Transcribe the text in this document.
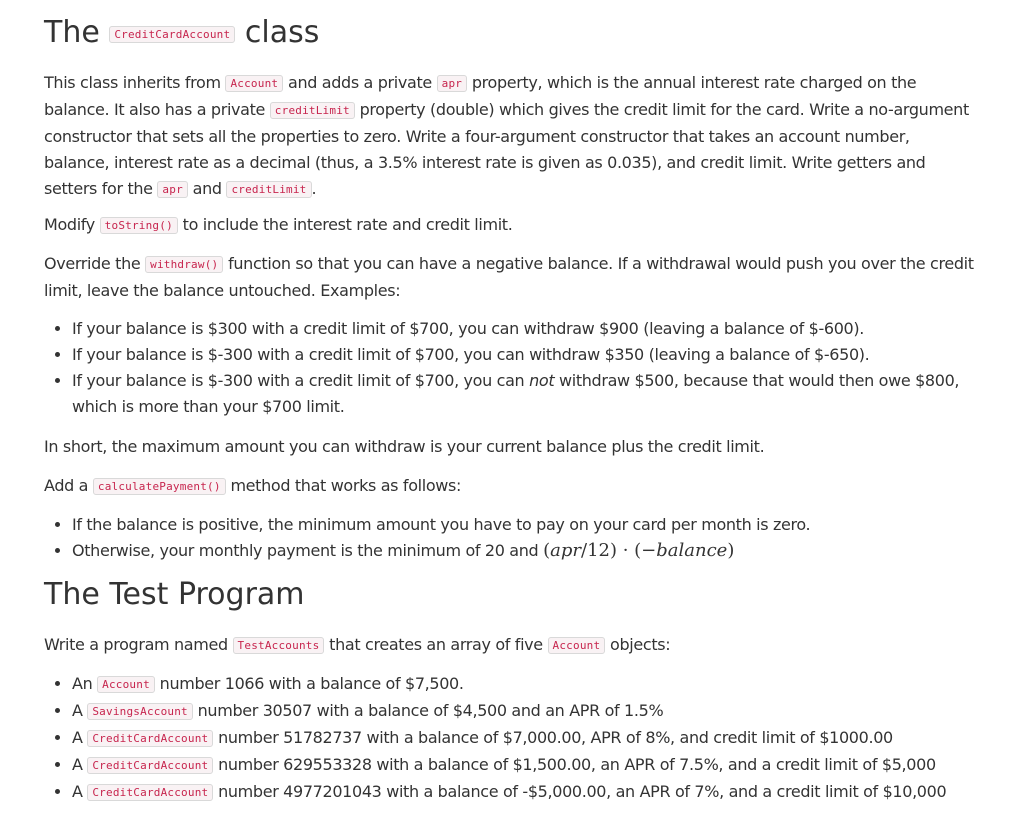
The CreditCardAccount class

This class inherits from Account and adds a private apr property, which is the annual interest rate charged on the balance. It also has a private creditLimit property (double) which gives the credit limit for the card. Write a no-argument constructor that sets all the properties to zero. Write a four-argument constructor that takes an account number, balance, interest rate as a decimal (thus, a 3.5% interest rate is given as 0.035), and credit limit. Write getters and setters for the apr and creditLimit .

Modify toString() to include the interest rate and credit limit.

Override the withdraw() function so that you can have a negative balance. If a withdrawal would push you over the credit limit, leave the balance untouched. Examples:

• If your balance is $300 with a credit limit of $700, you can withdraw $900 (leaving a balance of $-600).
• If your balance is $-300 with a credit limit of $700, you can withdraw $350 (leaving a balance of $-650).
• If your balance is $-300 with a credit limit of $700, you can not withdraw $500, because that would then owe $800, which is more than your $700 limit.

In short, the maximum amount you can withdraw is your current balance plus the credit limit.

Add a calculatePayment() method that works as follows:

• If the balance is positive, the minimum amount you have to pay on your card per month is zero.
• Otherwise, your monthly payment is the minimum of 20 and (apr/12) · (−balance)
The Test Program

Write a program named TestAccounts that creates an array of five Account objects:

• An Account number 1066 with a balance of $7,500.
• A SavingsAccount number 30507 with a balance of $4,500 and an APR of 1.5%
• A CreditCardAccount number 51782737 with a balance of $7,000.00, APR of 8%, and credit limit of $1000.00
• A CreditCardAccount number 629553328 with a balance of $1,500.00, an APR of 7.5%, and a credit limit of $5,000
• A CreditCardAccount number 4977201043 with a balance of -$5,000.00, an APR of 7%, and a credit limit of $10,000
